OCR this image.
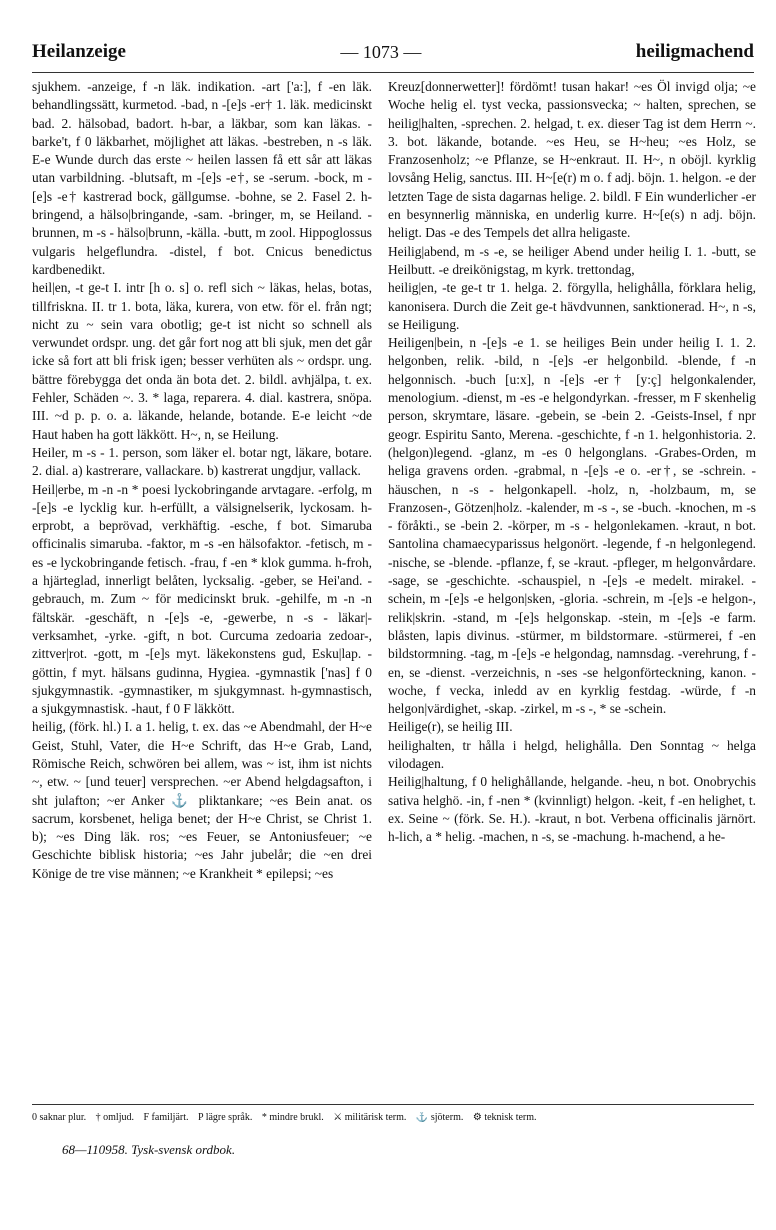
Heilanzeige	— 1073 —	heiligmachend

sjukhem. -anzeige, f -n läk. indikation. -art ['a:], f -en läk. behandlingssätt, kurmetod. -bad, n -[e]s -er† 1. läk. medicinskt bad. 2. hälsobad, badort. h-bar, a läkbar, som kan läkas. -barke't, f 0 läkbarhet, möjlighet att läkas. -bestreben, n -s läk. E-e Wunde durch das erste ~ heilen lassen få ett sår att läkas utan varbildning. -blutsaft, m -[e]s -e†, se -serum. -bock, m -[e]s -e† kastrerad bock, gällgumse. -bohne, se 2. Fasel 2. h-bringend, a hälso|bringande, -sam. -bringer, m, se Heiland. -brunnen, m -s - hälso|brunn, -källa. -butt, m zool. Hippoglossus vulgaris helgeflundra. -distel, f bot. Cnicus benedictus kardbenedikt.

heil|en, -t ge-t I. intr [h o. s] o. refl sich ~ läkas, helas, botas, tillfriskna. II. tr 1. bota, läka, kurera, von etw. för el. från ngt; nicht zu ~ sein vara obotlig; ge-t ist nicht so schnell als verwundet ordspr. ung. det går fort nog att bli sjuk, men det går icke så fort att bli frisk igen; besser verhüten als ~ ordspr. ung. bättre förebygga det onda än bota det. 2. bildl. avhjälpa, t. ex. Fehler, Schäden ~. 3. * laga, reparera. 4. dial. kastrera, snöpa. III. ~d p. p. o. a. läkande, helande, botande. E-e leicht ~de Haut haben ha gott läkkött. H~, n, se Heilung.

Heiler, m -s - 1. person, som läker el. botar ngt, läkare, botare. 2. dial. a) kastrerare, vallackare. b) kastrerat ungdjur, vallack.

Heil|erbe, m -n -n * poesi lyckobringande arvtagare. -erfolg, m -[e]s -e lycklig kur. h-erfüllt, a välsignelserik, lyckosam. h-erprobt, a beprövad, verkhäftig. -esche, f bot. Simaruba officinalis simaruba. -faktor, m -s -en hälsofaktor. -fetisch, m -es -e lyckobringande fetisch. -frau, f -en * klok gumma. h-froh, a hjärteglad, innerligt belåten, lycksalig. -geber, se Hei'and. -gebrauch, m. Zum ~ för medicinskt bruk. -gehilfe, m -n -n fältskär. -geschäft, n -[e]s -e, -gewerbe, n -s - läkar|-verksamhet, -yrke. -gift, n bot. Curcuma zedoaria zedoar-, zittver|rot. -gott, m -[e]s myt. läkekonstens gud, Esku|lap. -göttin, f myt. hälsans gudinna, Hygiea. -gymnastik ['nas] f 0 sjukgymnastik. -gymnastiker, m sjukgymnast. h-gymnastisch, a sjukgymnastisk. -haut, f 0 F läkkött.

heilig, (förk. hl.) I. a 1. helig, t. ex. das ~e Abendmahl, der H~e Geist, Stuhl, Vater, die H~e Schrift, das H~e Grab, Land, Römische Reich, schwören bei allem, was ~ ist, ihm ist nichts ~, etw. ~ [und teuer] versprechen. ~er Abend helgdagsafton, i sht julafton; ~er Anker ⚓ pliktankare; ~es Bein anat. os sacrum, korsbenet, heliga benet; der H~e Christ, se Christ 1. b); ~es Ding läk. ros; ~es Feuer, se Antoniusfeuer; ~e Geschichte biblisk historia; ~es Jahr jubelår; die ~en drei Könige de tre vise männen; ~e Krankheit * epilepsi; ~es

Kreuz[donnerwetter]! fördömt! tusan hakar! ~es Öl invigd olja; ~e Woche helig el. tyst vecka, passionsvecka; ~ halten, sprechen, se heilig|halten, -sprechen. 2. helgad, t. ex. dieser Tag ist dem Herrn ~. 3. bot. läkande, botande. ~es Heu, se H~heu; ~es Holz, se Franzosenholz; ~e Pflanze, se H~enkraut. II. H~, n oböjl. kyrklig lovsång Helig, sanctus. III. H~[e(r) m o. f adj. böjn. 1. helgon. -e der letzten Tage de sista dagarnas helige. 2. bildl. F Ein wunderlicher -er en besynnerlig människa, en underlig kurre. H~[e(s) n adj. böjn. heligt. Das -e des Tempels det allra heligaste.

Heilig|abend, m -s -e, se heiliger Abend under heilig I. 1. -butt, se Heilbutt. -e dreikönigstag, m kyrk. trettondag,

heilig|en, -te ge-t tr 1. helga. 2. förgylla, helighålla, förklara helig, kanonisera. Durch die Zeit ge-t hävdvunnen, sanktionerad. H~, n -s, se Heiligung.

Heiligen|bein, n -[e]s -e 1. se heiliges Bein under heilig I. 1. 2. helgonben, relik. -bild, n -[e]s -er helgonbild. -blende, f -n helgonnisch. -buch [u:x], n -[e]s -er† [y:ç] helgonkalender, menologium. -dienst, m -es -e helgondyrkan. -fresser, m F skenhelig person, skrymtare, läsare. -gebein, se -bein 2. -Geists-Insel, f npr geogr. Espiritu Santo, Merena. -geschichte, f -n 1. helgonhistoria. 2. (helgon)legend. -glanz, m -es 0 helgonglans. -Grabes-Orden, m heliga gravens orden. -grabmal, n -[e]s -e o. -er†, se -schrein. -häuschen, n -s - helgonkapell. -holz, n, -holzbaum, m, se Franzosen-, Götzen|holz. -kalender, m -s -, se -buch. -knochen, m -s - föråkti., se -bein 2. -körper, m -s - helgonlekamen. -kraut, n bot. Santolina chamaecyparissus helgonört. -legende, f -n helgonlegend. -nische, se -blende. -pflanze, f, se -kraut. -pfleger, m helgonvårdare. -sage, se -geschichte. -schauspiel, n -[e]s -e medelt. mirakel. -schein, m -[e]s -e helgon|sken, -gloria. -schrein, m -[e]s -e helgon-, relik|skrin. -stand, m -[e]s helgonskap. -stein, m -[e]s -e farm. blåsten, lapis divinus. -stürmer, m bildstormare. -stürmerei, f -en bildstormning. -tag, m -[e]s -e helgondag, namnsdag. -verehrung, f -en, se -dienst. -verzeichnis, n -ses -se helgonförteckning, kanon. -woche, f vecka, inledd av en kyrklig festdag. -würde, f -n helgon|värdighet, -skap. -zirkel, m -s -, * se -schein.

Heilige(r), se heilig III.

heilighalten, tr hålla i helgd, helighålla. Den Sonntag ~ helga vilodagen.

Heilig|haltung, f 0 helighållande, helgande. -heu, n bot. Onobrychis sativa helghö. -in, f -nen * (kvinnligt) helgon. -keit, f -en helighet, t. ex. Seine ~ (förk. Se. H.). -kraut, n bot. Verbena officinalis järnört. h-lich, a * helig. -machen, n -s, se -machung. h-machend, a he-

0 saknar plur. † omljud. F familjärt. P lägre språk. * mindre brukl. ⚔ militärisk term. ⚓ sjöterm. ⚙ teknisk term.
68—110958. Tysk-svensk ordbok.
